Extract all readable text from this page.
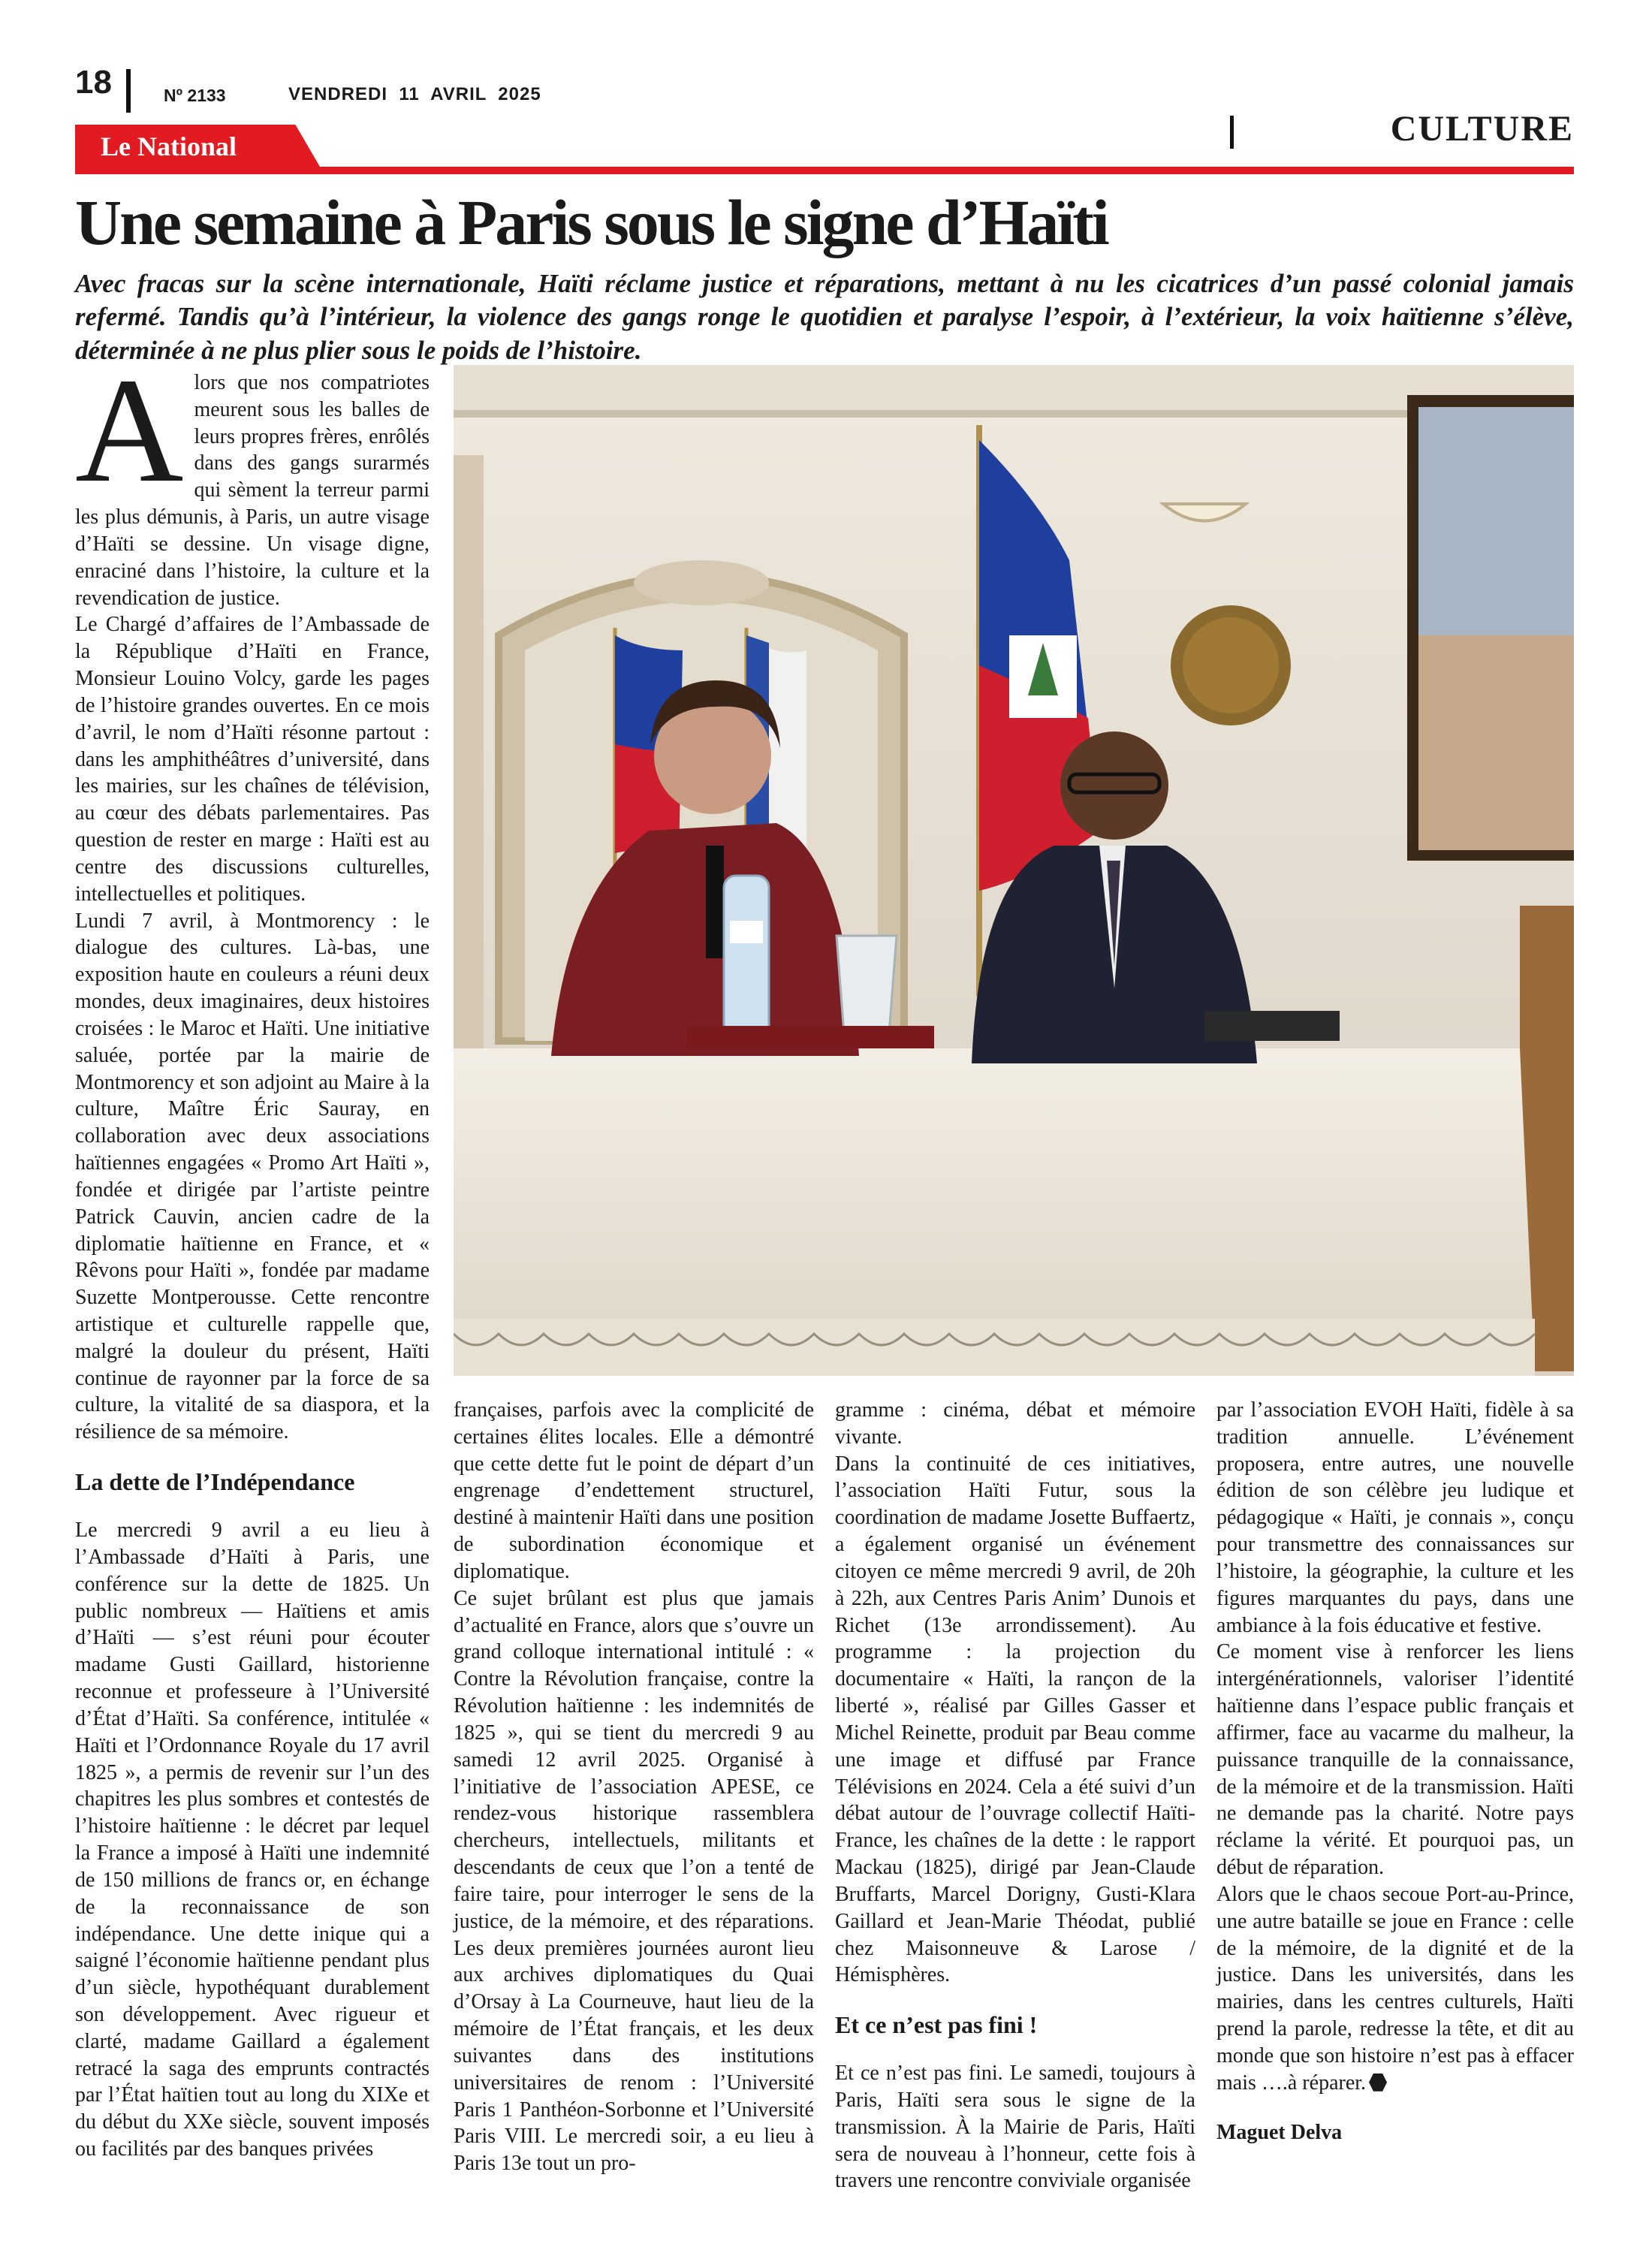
18	Nº 2133	VENDREDI  11  AVRIL  2025
CULTURE
Le National
Une semaine à Paris sous le signe d’Haïti
Avec fracas sur la scène internationale, Haïti réclame justice et réparations, mettant à nu les cicatrices d’un passé colonial jamais refermé. Tandis qu’à l’intérieur, la violence des gangs ronge le quotidien et paralyse l’espoir, à l’extérieur, la voix haïtienne s’élève, déterminée à ne plus plier sous le poids de l’histoire.

Alors que nos compatriotes meurent sous les balles de leurs propres frères, enrôlés dans des gangs surarmés qui sèment la terreur parmi les plus démunis, à Paris, un autre visage d’Haïti se dessine. Un visage digne, enraciné dans l’histoire, la culture et la revendication de justice.

Le Chargé d’affaires de l’Ambassade de la République d’Haïti en France, Monsieur Louino Volcy, garde les pages de l’histoire grandes ouvertes. En ce mois d’avril, le nom d’Haïti résonne partout : dans les amphithéâtres d’université, dans les mairies, sur les chaînes de télévision, au cœur des débats parlementaires. Pas question de rester en marge : Haïti est au centre des discussions culturelles, intellectuelles et politiques.

Lundi 7 avril, à Montmorency : le dialogue des cultures. Là-bas, une exposition haute en couleurs a réuni deux mondes, deux imaginaires, deux histoires croisées : le Maroc et Haïti. Une initiative saluée, portée par la mairie de Montmorency et son adjoint au Maire à la culture, Maître Éric Sauray, en collaboration avec deux associations haïtiennes engagées « Promo Art Haïti », fondée et dirigée par l’artiste peintre Patrick Cauvin, ancien cadre de la diplomatie haïtienne en France, et « Rêvons pour Haïti », fondée par madame Suzette Montperousse. Cette rencontre artistique et culturelle rappelle que, malgré la douleur du présent, Haïti continue de rayonner par la force de sa culture, la vitalité de sa diaspora, et la résilience de sa mémoire.

La dette de l’Indépendance

Le mercredi 9 avril a eu lieu à l’Ambassade d’Haïti à Paris, une conférence sur la dette de 1825. Un public nombreux — Haïtiens et amis d’Haïti — s’est réuni pour écouter madame Gusti Gaillard, historienne reconnue et professeure à l’Université d’État d’Haïti. Sa conférence, intitulée « Haïti et l’Ordonnance Royale du 17 avril 1825 », a permis de revenir sur l’un des chapitres les plus sombres et contestés de l’histoire haïtienne : le décret par lequel la France a imposé à Haïti une indemnité de 150 millions de francs or, en échange de la reconnaissance de son indépendance. Une dette inique qui a saigné l’économie haïtienne pendant plus d’un siècle, hypothéquant durablement son développement. Avec rigueur et clarté, madame Gaillard a également retracé la saga des emprunts contractés par l’État haïtien tout au long du XIXe et du début du XXe siècle, souvent imposés ou facilités par des banques privées

françaises, parfois avec la complicité de certaines élites locales. Elle a démontré que cette dette fut le point de départ d’un engrenage d’endettement structurel, destiné à maintenir Haïti dans une position de subordination économique et diplomatique.

Ce sujet brûlant est plus que jamais d’actualité en France, alors que s’ouvre un grand colloque international intitulé : « Contre la Révolution française, contre la Révolution haïtienne : les indemnités de 1825 », qui se tient du mercredi 9 au samedi 12 avril 2025. Organisé à l’initiative de l’association APESE, ce rendez-vous historique rassemblera chercheurs, intellectuels, militants et descendants de ceux que l’on a tenté de faire taire, pour interroger le sens de la justice, de la mémoire, et des réparations. Les deux premières journées auront lieu aux archives diplomatiques du Quai d’Orsay à La Courneuve, haut lieu de la mémoire de l’État français, et les deux suivantes dans des institutions universitaires de renom : l’Université Paris 1 Panthéon-Sorbonne et l’Université Paris VIII. Le mercredi soir, a eu lieu à Paris 13e tout un pro-

gramme : cinéma, débat et mémoire vivante.

Dans la continuité de ces initiatives, l’association Haïti Futur, sous la coordination de madame Josette Buffaertz, a également organisé un événement citoyen ce même mercredi 9 avril, de 20h à 22h, aux Centres Paris Anim’ Dunois et Richet (13e arrondissement). Au programme : la projection du documentaire « Haïti, la rançon de la liberté », réalisé par Gilles Gasser et Michel Reinette, produit par Beau comme une image et diffusé par France Télévisions en 2024. Cela a été suivi d’un débat autour de l’ouvrage collectif Haïti-France, les chaînes de la dette : le rapport Mackau (1825), dirigé par Jean-Claude Bruffarts, Marcel Dorigny, Gusti-Klara Gaillard et Jean-Marie Théodat, publié chez Maisonneuve & Larose / Hémisphères.

Et ce n’est pas fini !

Et ce n’est pas fini. Le samedi, toujours à Paris, Haïti sera sous le signe de la transmission. À la Mairie de Paris, Haïti sera de nouveau à l’honneur, cette fois à travers une rencontre conviviale organisée

par l’association EVOH Haïti, fidèle à sa tradition annuelle. L’événement proposera, entre autres, une nouvelle édition de son célèbre jeu ludique et pédagogique « Haïti, je connais », conçu pour transmettre des connaissances sur l’histoire, la géographie, la culture et les figures marquantes du pays, dans une ambiance à la fois éducative et festive.

Ce moment vise à renforcer les liens intergénérationnels, valoriser l’identité haïtienne dans l’espace public français et affirmer, face au vacarme du malheur, la puissance tranquille de la connaissance, de la mémoire et de la transmission. Haïti ne demande pas la charité. Notre pays réclame la vérité. Et pourquoi pas, un début de réparation.

Alors que le chaos secoue Port-au-Prince, une autre bataille se joue en France : celle de la mémoire, de la dignité et de la justice. Dans les universités, dans les mairies, dans les centres culturels, Haïti prend la parole, redresse la tête, et dit au monde que son histoire n’est pas à effacer mais ….à réparer.

Maguet Delva
